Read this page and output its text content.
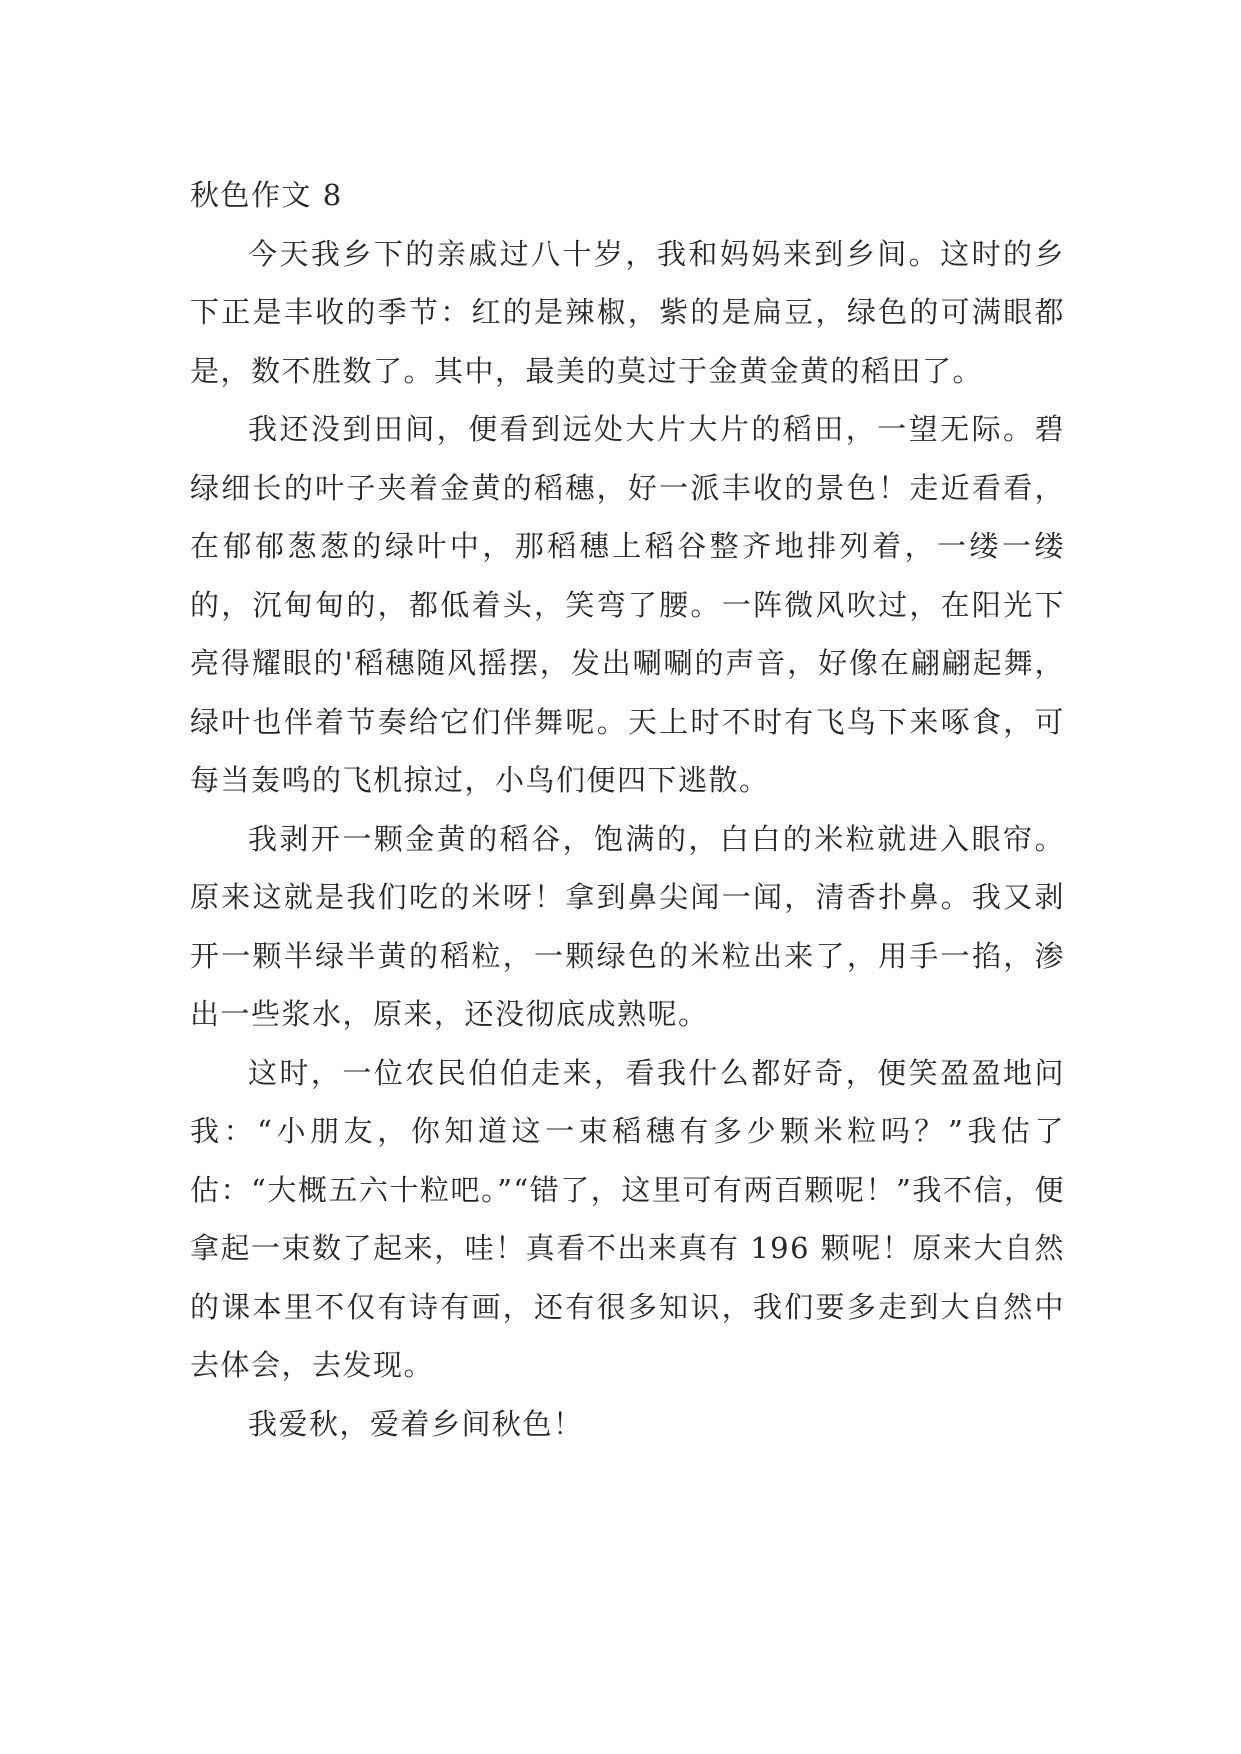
秋色作文 8

今天我乡下的亲戚过八十岁，我和妈妈来到乡间。这时的乡下正是丰收的季节：红的是辣椒，紫的是扁豆，绿色的可满眼都是，数不胜数了。其中，最美的莫过于金黄金黄的稻田了。

我还没到田间，便看到远处大片大片的稻田，一望无际。碧绿细长的叶子夹着金黄的稻穗，好一派丰收的景色！走近看看，在郁郁葱葱的绿叶中，那稻穗上稻谷整齐地排列着，一缕一缕的，沉甸甸的，都低着头，笑弯了腰。一阵微风吹过，在阳光下亮得耀眼的'稻穗随风摇摆，发出唰唰的声音，好像在翩翩起舞，绿叶也伴着节奏给它们伴舞呢。天上时不时有飞鸟下来啄食，可每当轰鸣的飞机掠过，小鸟们便四下逃散。

我剥开一颗金黄的稻谷，饱满的，白白的米粒就进入眼帘。原来这就是我们吃的米呀！拿到鼻尖闻一闻，清香扑鼻。我又剥开一颗半绿半黄的稻粒，一颗绿色的米粒出来了，用手一掐，渗出一些浆水，原来，还没彻底成熟呢。

这时，一位农民伯伯走来，看我什么都好奇，便笑盈盈地问我：“小朋友，你知道这一束稻穗有多少颗米粒吗？”我估了估：“大概五六十粒吧。”“错了，这里可有两百颗呢！”我不信，便拿起一束数了起来，哇！真看不出来真有 196 颗呢！原来大自然的课本里不仅有诗有画，还有很多知识，我们要多走到大自然中去体会，去发现。

我爱秋，爱着乡间秋色！
